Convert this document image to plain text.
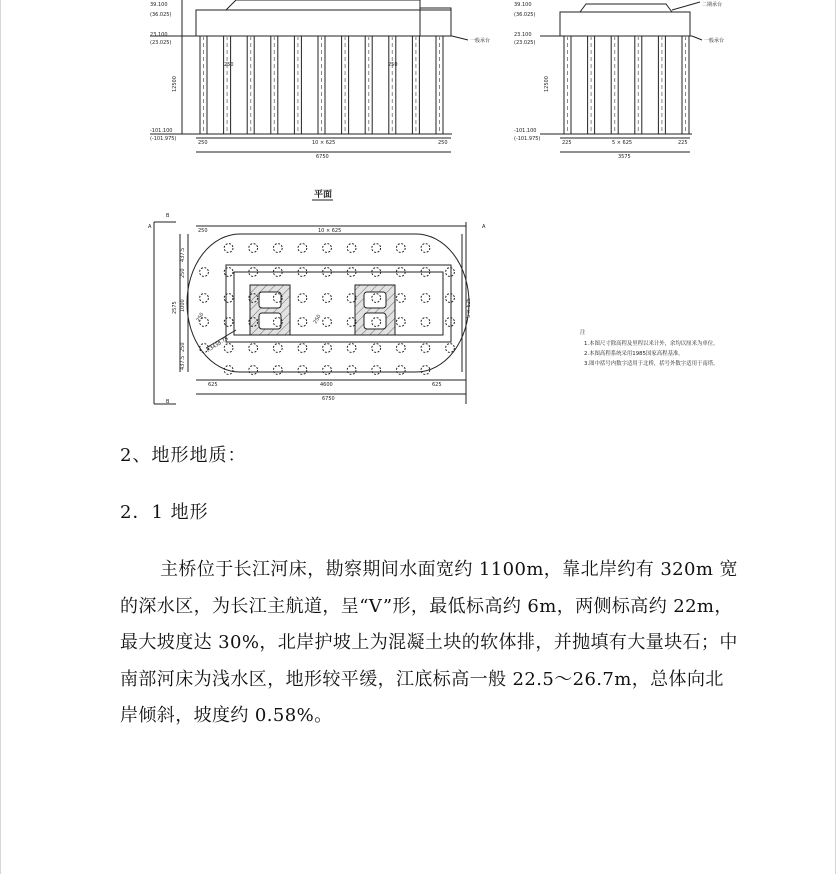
39.100
(36.025)
23.100
(23.025)
-101.100
(-101.975)
12500
250	250
250	10 × 625	250
6750
一般承台
39.100
(36.025)
23.100
(23.025)
-101.100
(-101.975)
12500
225	5 × 625	225
3575
一般承台
二期承台
平面
B
A	A
B
250	10 × 625
625	4600	625
6750
437.5
250
1000
250
437.5
2575	5 × 625
R3438.75
250	250
注
1.本图尺寸除高程及里程以米计外，余均以厘米为单位。
2.本图高程系统采用1985国家高程基准。
3.图中括号内数字适用于北桥，括号外数字适用于南塔。
2、地形地质：
2．1 地形

主桥位于长江河床，勘察期间水面宽约 1100m，靠北岸约有 320m 宽的深水区，为长江主航道，呈“V”形，最低标高约 6m，两侧标高约 22m，最大坡度达 30%，北岸护坡上为混凝土块的软体排，并抛填有大量块石；中南部河床为浅水区，地形较平缓，江底标高一般 22.5～26.7m，总体向北岸倾斜，坡度约 0.58%。
